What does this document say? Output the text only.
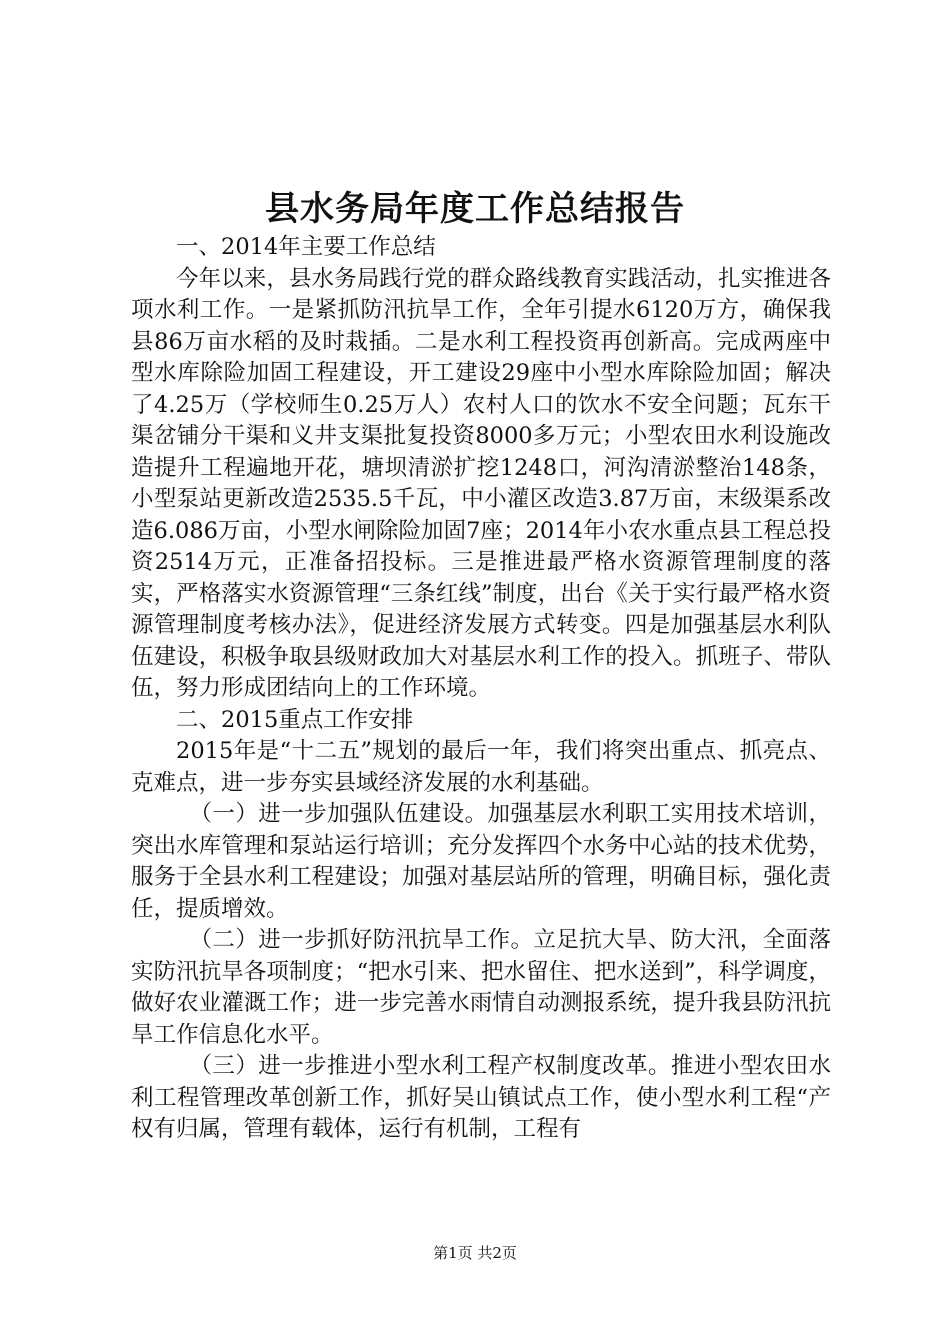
县水务局年度工作总结报告

一、2014年主要工作总结

今年以来，县水务局践行党的群众路线教育实践活动，扎实推进各项水利工作。一是紧抓防汛抗旱工作，全年引提水6120万方，确保我县86万亩水稻的及时栽插。二是水利工程投资再创新高。完成两座中型水库除险加固工程建设，开工建设29座中小型水库除险加固；解决了4.25万（学校师生0.25万人）农村人口的饮水不安全问题；瓦东干渠岔铺分干渠和义井支渠批复投资8000多万元；小型农田水利设施改造提升工程遍地开花，塘坝清淤扩挖1248口，河沟清淤整治148条，小型泵站更新改造2535.5千瓦，中小灌区改造3.87万亩，末级渠系改造6.086万亩，小型水闸除险加固7座；2014年小农水重点县工程总投资2514万元，正准备招投标。三是推进最严格水资源管理制度的落实，严格落实水资源管理“三条红线”制度，出台《关于实行最严格水资源管理制度考核办法》，促进经济发展方式转变。四是加强基层水利队伍建设，积极争取县级财政加大对基层水利工作的投入。抓班子、带队伍，努力形成团结向上的工作环境。

二、2015重点工作安排

2015年是“十二五”规划的最后一年，我们将突出重点、抓亮点、克难点，进一步夯实县域经济发展的水利基础。

（一）进一步加强队伍建设。加强基层水利职工实用技术培训，突出水库管理和泵站运行培训；充分发挥四个水务中心站的技术优势，服务于全县水利工程建设；加强对基层站所的管理，明确目标，强化责任，提质增效。

（二）进一步抓好防汛抗旱工作。立足抗大旱、防大汛，全面落实防汛抗旱各项制度；“把水引来、把水留住、把水送到”，科学调度，做好农业灌溉工作；进一步完善水雨情自动测报系统，提升我县防汛抗旱工作信息化水平。

（三）进一步推进小型水利工程产权制度改革。推进小型农田水利工程管理改革创新工作，抓好吴山镇试点工作，使小型水利工程“产权有归属，管理有载体，运行有机制，工程有

第1页 共2页
